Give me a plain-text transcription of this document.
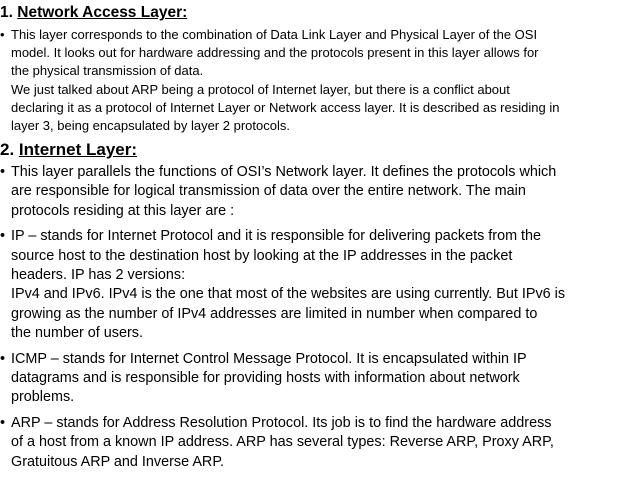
1. Network Access Layer:
• This layer corresponds to the combination of Data Link Layer and Physical Layer of the OSI
model. It looks out for hardware addressing and the protocols present in this layer allows for
the physical transmission of data.
We just talked about ARP being a protocol of Internet layer, but there is a conflict about
declaring it as a protocol of Internet Layer or Network access layer. It is described as residing in
layer 3, being encapsulated by layer 2 protocols.
2. Internet Layer:
• This layer parallels the functions of OSI’s Network layer. It defines the protocols which
are responsible for logical transmission of data over the entire network. The main
protocols residing at this layer are :
• IP – stands for Internet Protocol and it is responsible for delivering packets from the
source host to the destination host by looking at the IP addresses in the packet
headers. IP has 2 versions:
IPv4 and IPv6. IPv4 is the one that most of the websites are using currently. But IPv6 is
growing as the number of IPv4 addresses are limited in number when compared to
the number of users.
• ICMP – stands for Internet Control Message Protocol. It is encapsulated within IP
datagrams and is responsible for providing hosts with information about network
problems.
• ARP – stands for Address Resolution Protocol. Its job is to find the hardware address
of a host from a known IP address. ARP has several types: Reverse ARP, Proxy ARP,
Gratuitous ARP and Inverse ARP.
